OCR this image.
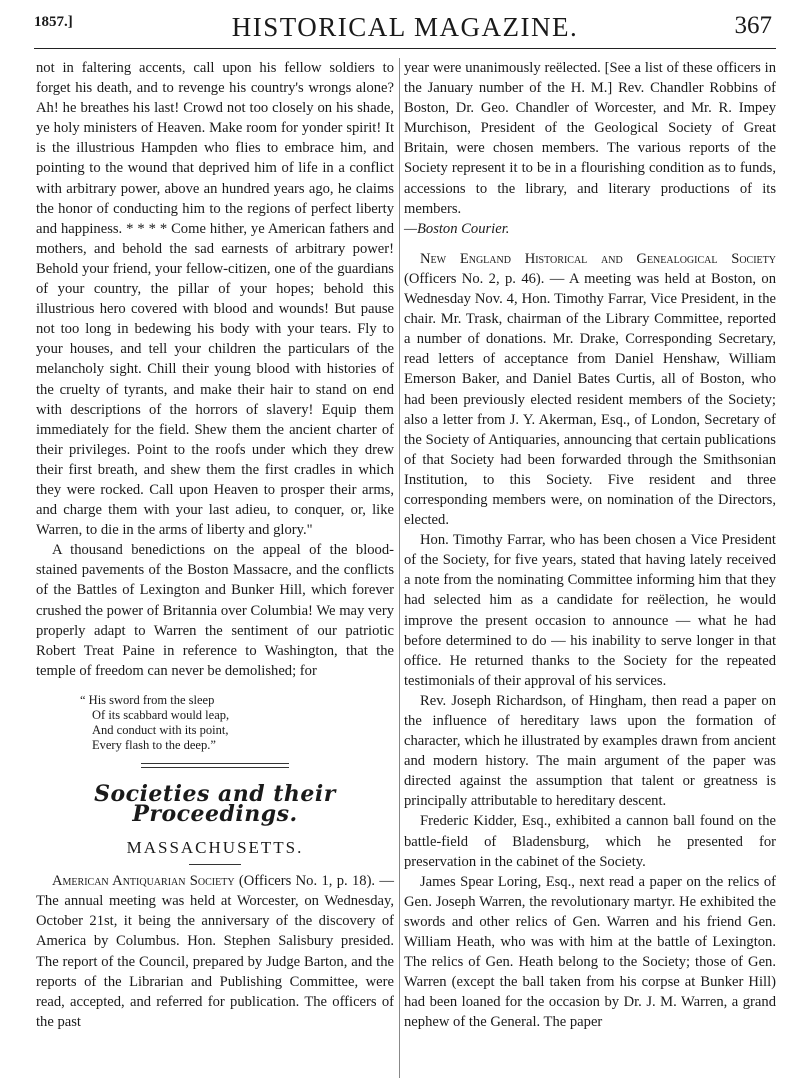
1857.]	HISTORICAL MAGAZINE.	367

not in faltering accents, call upon his fellow soldiers to forget his death, and to revenge his country's wrongs alone? Ah! he breathes his last! Crowd not too closely on his shade, ye holy ministers of Heaven. Make room for yonder spirit! It is the illustrious Hampden who flies to embrace him, and pointing to the wound that deprived him of life in a conflict with arbitrary power, above an hundred years ago, he claims the honor of conducting him to the regions of perfect liberty and happiness. * * * * Come hither, ye American fathers and mothers, and behold the sad earnests of arbitrary power! Behold your friend, your fellow-citizen, one of the guardians of your country, the pillar of your hopes; behold this illustrious hero covered with blood and wounds! But pause not too long in bedewing his body with your tears. Fly to your houses, and tell your children the particulars of the melancholy sight. Chill their young blood with histories of the cruelty of tyrants, and make their hair to stand on end with descriptions of the horrors of slavery! Equip them immediately for the field. Shew them the ancient charter of their privileges. Point to the roofs under which they drew their first breath, and shew them the first cradles in which they were rocked. Call upon Heaven to prosper their arms, and charge them with your last adieu, to conquer, or, like Warren, to die in the arms of liberty and glory."

A thousand benedictions on the appeal of the blood-stained pavements of the Boston Massacre, and the conflicts of the Battles of Lexington and Bunker Hill, which forever crushed the power of Britannia over Columbia! We may very properly adapt to Warren the sentiment of our patriotic Robert Treat Paine in reference to Washington, that the temple of freedom can never be demolished; for

“ His sword from the sleep
Of its scabbard would leap,
And conduct with its point,
Every flash to the deep.”
Societies and their Proceedings.
MASSACHUSETTS.

American Antiquarian Society (Officers No. 1, p. 18). — The annual meeting was held at Worcester, on Wednesday, October 21st, it being the anniversary of the discovery of America by Columbus. Hon. Stephen Salisbury presided. The report of the Council, prepared by Judge Barton, and the reports of the Librarian and Publishing Committee, were read, accepted, and referred for publication. The officers of the past

year were unanimously reëlected. [See a list of these officers in the January number of the H. M.] Rev. Chandler Robbins of Boston, Dr. Geo. Chandler of Worcester, and Mr. R. Impey Murchison, President of the Geological Society of Great Britain, were chosen members. The various reports of the Society represent it to be in a flourishing condition as to funds, accessions to the library, and literary productions of its members.

—Boston Courier.

New England Historical and Genealogical Society (Officers No. 2, p. 46). — A meeting was held at Boston, on Wednesday Nov. 4, Hon. Timothy Farrar, Vice President, in the chair. Mr. Trask, chairman of the Library Committee, reported a number of donations. Mr. Drake, Corresponding Secretary, read letters of acceptance from Daniel Henshaw, William Emerson Baker, and Daniel Bates Curtis, all of Boston, who had been previously elected resident members of the Society; also a letter from J. Y. Akerman, Esq., of London, Secretary of the Society of Antiquaries, announcing that certain publications of that Society had been forwarded through the Smithsonian Institution, to this Society. Five resident and three corresponding members were, on nomination of the Directors, elected.

Hon. Timothy Farrar, who has been chosen a Vice President of the Society, for five years, stated that having lately received a note from the nominating Committee informing him that they had selected him as a candidate for reëlection, he would improve the present occasion to announce — what he had before determined to do — his inability to serve longer in that office. He returned thanks to the Society for the repeated testimonials of their approval of his services.

Rev. Joseph Richardson, of Hingham, then read a paper on the influence of hereditary laws upon the formation of character, which he illustrated by examples drawn from ancient and modern history. The main argument of the paper was directed against the assumption that talent or greatness is principally attributable to hereditary descent.

Frederic Kidder, Esq., exhibited a cannon ball found on the battle-field of Bladensburg, which he presented for preservation in the cabinet of the Society.

James Spear Loring, Esq., next read a paper on the relics of Gen. Joseph Warren, the revolutionary martyr. He exhibited the swords and other relics of Gen. Warren and his friend Gen. William Heath, who was with him at the battle of Lexington. The relics of Gen. Heath belong to the Society; those of Gen. Warren (except the ball taken from his corpse at Bunker Hill) had been loaned for the occasion by Dr. J. M. Warren, a grand nephew of the General. The paper
